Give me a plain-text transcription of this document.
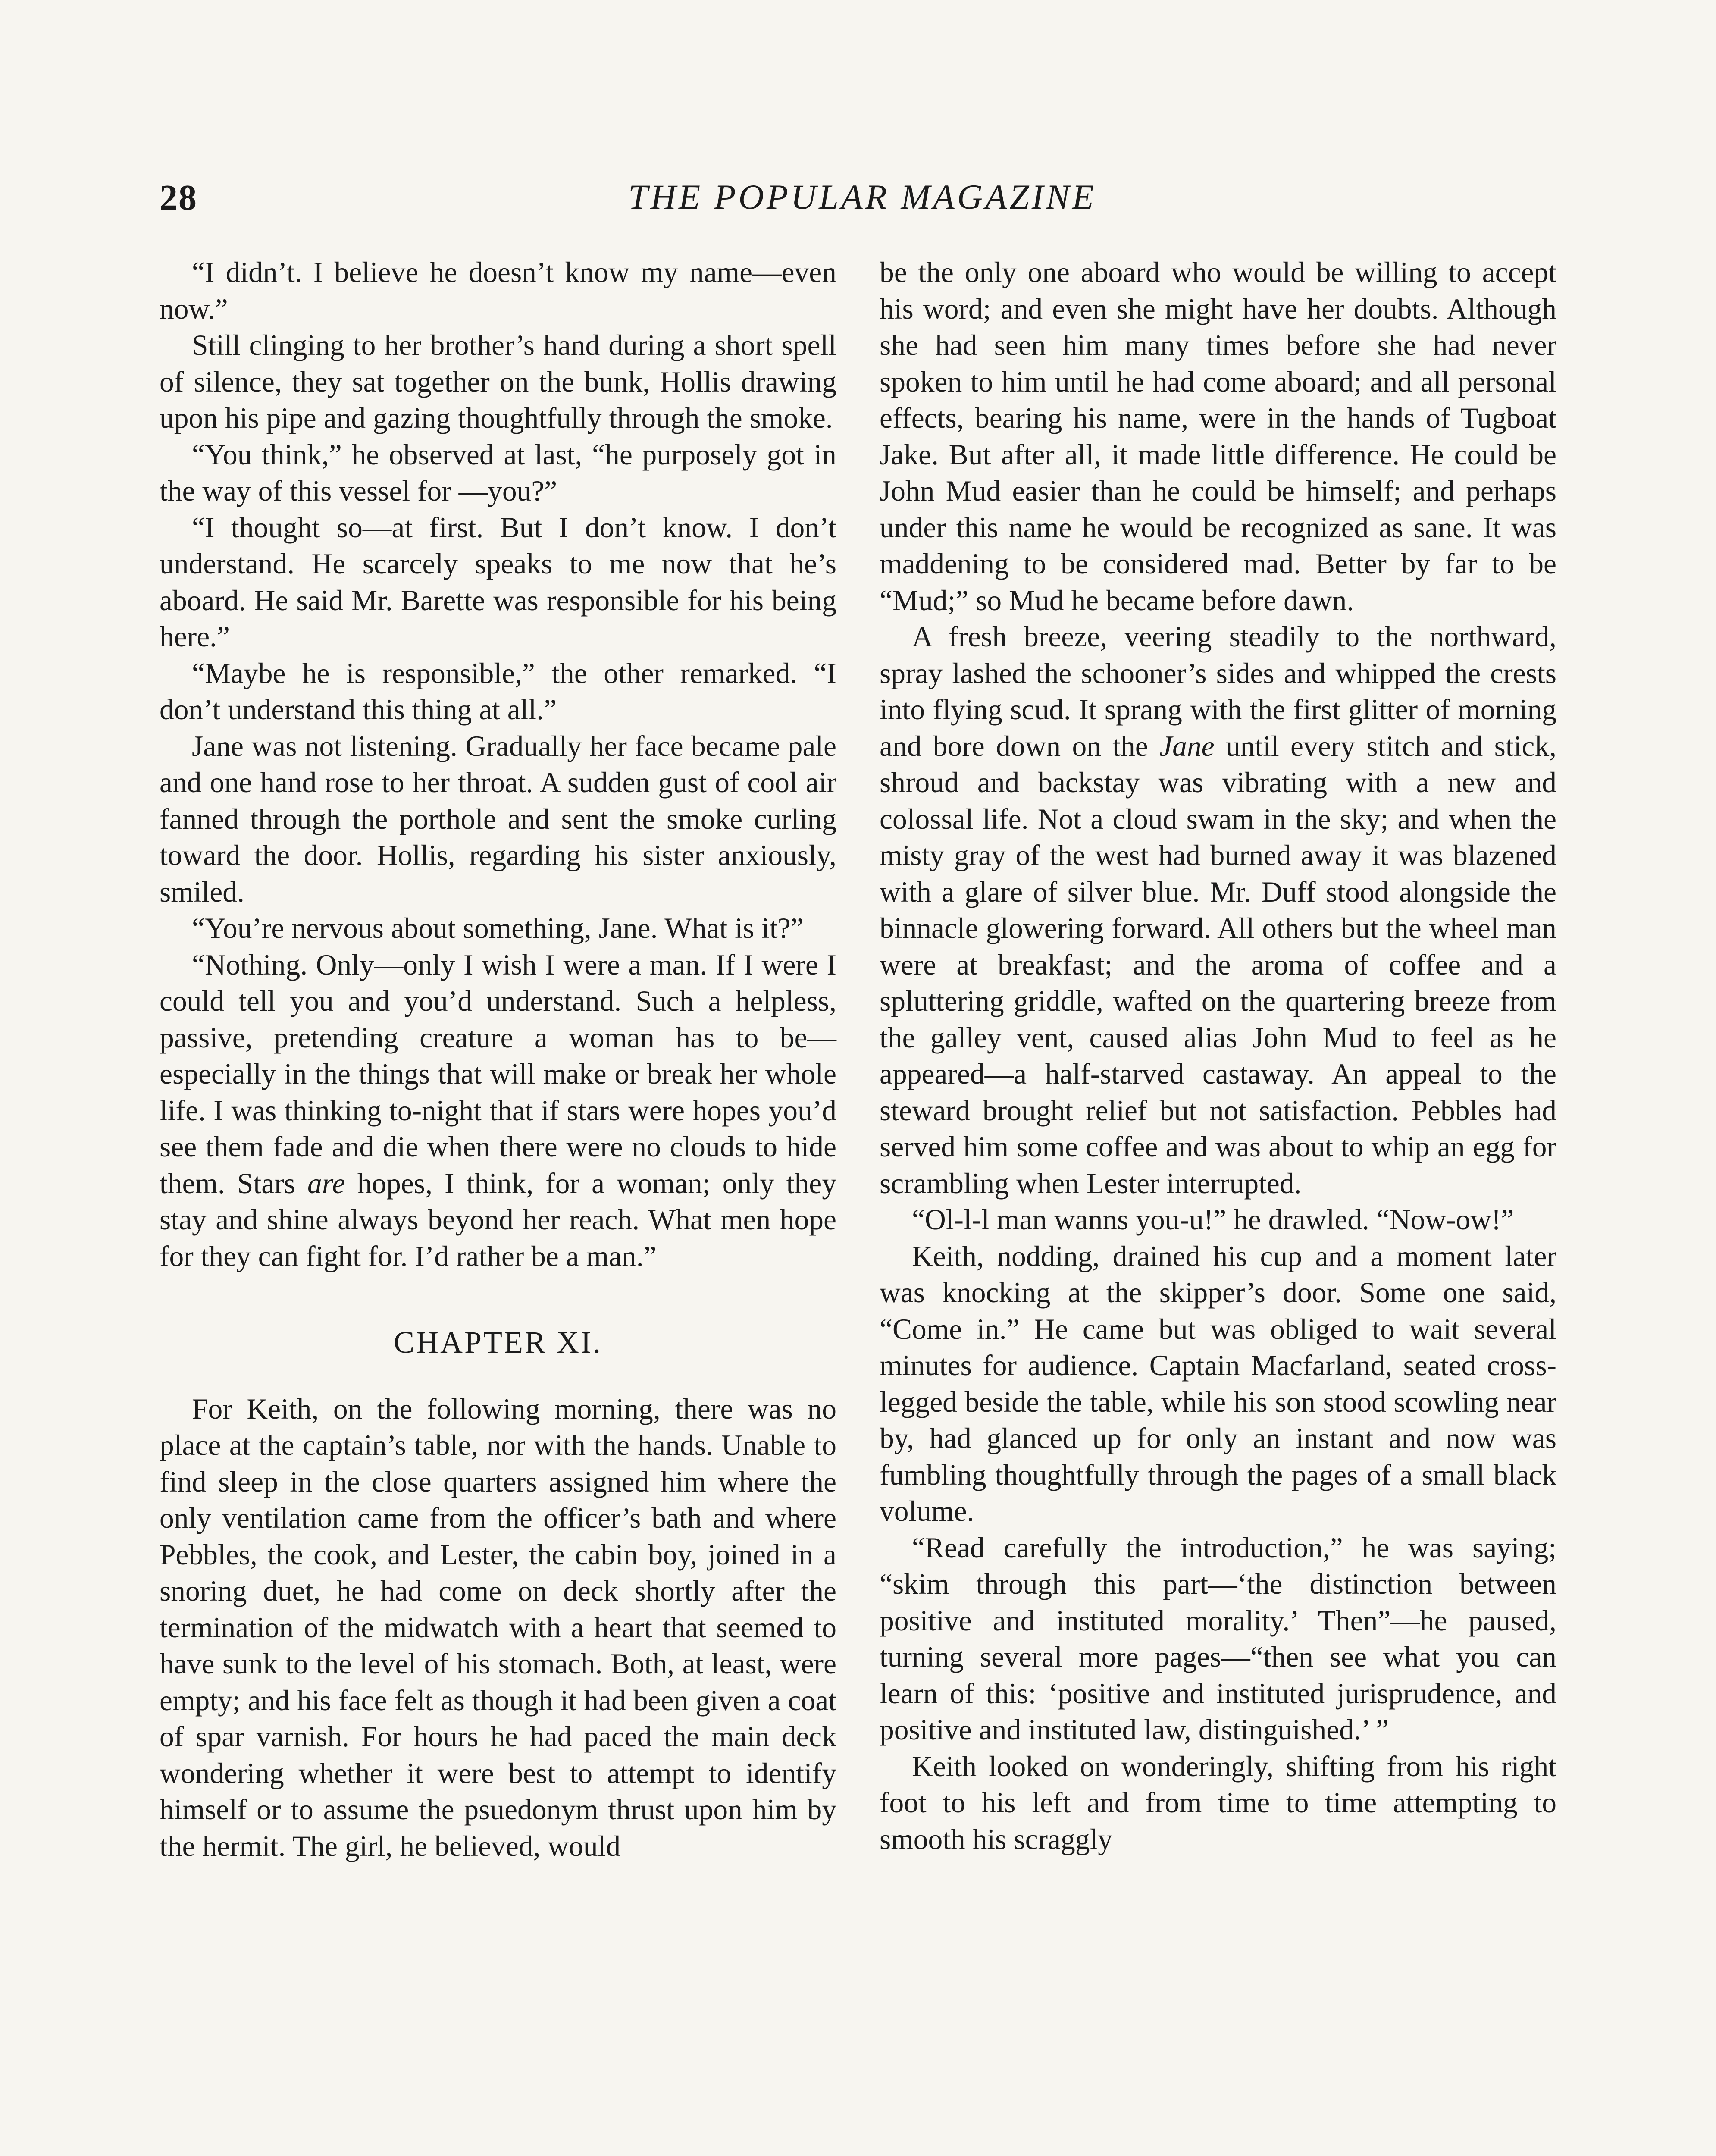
28	THE POPULAR MAGAZINE

“I didn’t. I believe he doesn’t know my name—even now.”

Still clinging to her brother’s hand during a short spell of silence, they sat together on the bunk, Hollis drawing upon his pipe and gazing thoughtfully through the smoke.

“You think,” he observed at last, “he purposely got in the way of this vessel for —you?”

“I thought so—at first. But I don’t know. I don’t understand. He scarcely speaks to me now that he’s aboard. He said Mr. Barette was responsible for his being here.”

“Maybe he is responsible,” the other remarked. “I don’t understand this thing at all.”

Jane was not listening. Gradually her face became pale and one hand rose to her throat. A sudden gust of cool air fanned through the porthole and sent the smoke curling toward the door. Hollis, regarding his sister anxiously, smiled.

“You’re nervous about something, Jane. What is it?”

“Nothing. Only—only I wish I were a man. If I were I could tell you and you’d understand. Such a helpless, passive, pretending creature a woman has to be—especially in the things that will make or break her whole life. I was thinking to-night that if stars were hopes you’d see them fade and die when there were no clouds to hide them. Stars are hopes, I think, for a woman; only they stay and shine always beyond her reach. What men hope for they can fight for. I’d rather be a man.”

CHAPTER XI.

For Keith, on the following morning, there was no place at the captain’s table, nor with the hands. Unable to find sleep in the close quarters assigned him where the only ventilation came from the officer’s bath and where Pebbles, the cook, and Lester, the cabin boy, joined in a snoring duet, he had come on deck shortly after the termination of the midwatch with a heart that seemed to have sunk to the level of his stomach. Both, at least, were empty; and his face felt as though it had been given a coat of spar varnish. For hours he had paced the main deck wondering whether it were best to attempt to identify himself or to assume the psuedonym thrust upon him by the hermit. The girl, he believed, would

be the only one aboard who would be willing to accept his word; and even she might have her doubts. Although she had seen him many times before she had never spoken to him until he had come aboard; and all personal effects, bearing his name, were in the hands of Tugboat Jake. But after all, it made little difference. He could be John Mud easier than he could be himself; and perhaps under this name he would be recognized as sane. It was maddening to be considered mad. Better by far to be “Mud;” so Mud he became before dawn.

A fresh breeze, veering steadily to the northward, spray lashed the schooner’s sides and whipped the crests into flying scud. It sprang with the first glitter of morning and bore down on the Jane until every stitch and stick, shroud and backstay was vibrating with a new and colossal life. Not a cloud swam in the sky; and when the misty gray of the west had burned away it was blazened with a glare of silver blue. Mr. Duff stood alongside the binnacle glowering forward. All others but the wheel man were at breakfast; and the aroma of coffee and a spluttering griddle, wafted on the quartering breeze from the galley vent, caused alias John Mud to feel as he appeared—a half-starved castaway. An appeal to the steward brought relief but not satisfaction. Pebbles had served him some coffee and was about to whip an egg for scrambling when Lester interrupted.

“Ol-l-l man wanns you-u!” he drawled. “Now-ow!”

Keith, nodding, drained his cup and a moment later was knocking at the skipper’s door. Some one said, “Come in.” He came but was obliged to wait several minutes for audience. Captain Macfarland, seated cross-legged beside the table, while his son stood scowling near by, had glanced up for only an instant and now was fumbling thoughtfully through the pages of a small black volume.

“Read carefully the introduction,” he was saying; “skim through this part—‘the distinction between positive and instituted morality.’ Then”—he paused, turning several more pages—“then see what you can learn of this: ‘positive and instituted jurisprudence, and positive and instituted law, distinguished.’ ”

Keith looked on wonderingly, shifting from his right foot to his left and from time to time attempting to smooth his scraggly
